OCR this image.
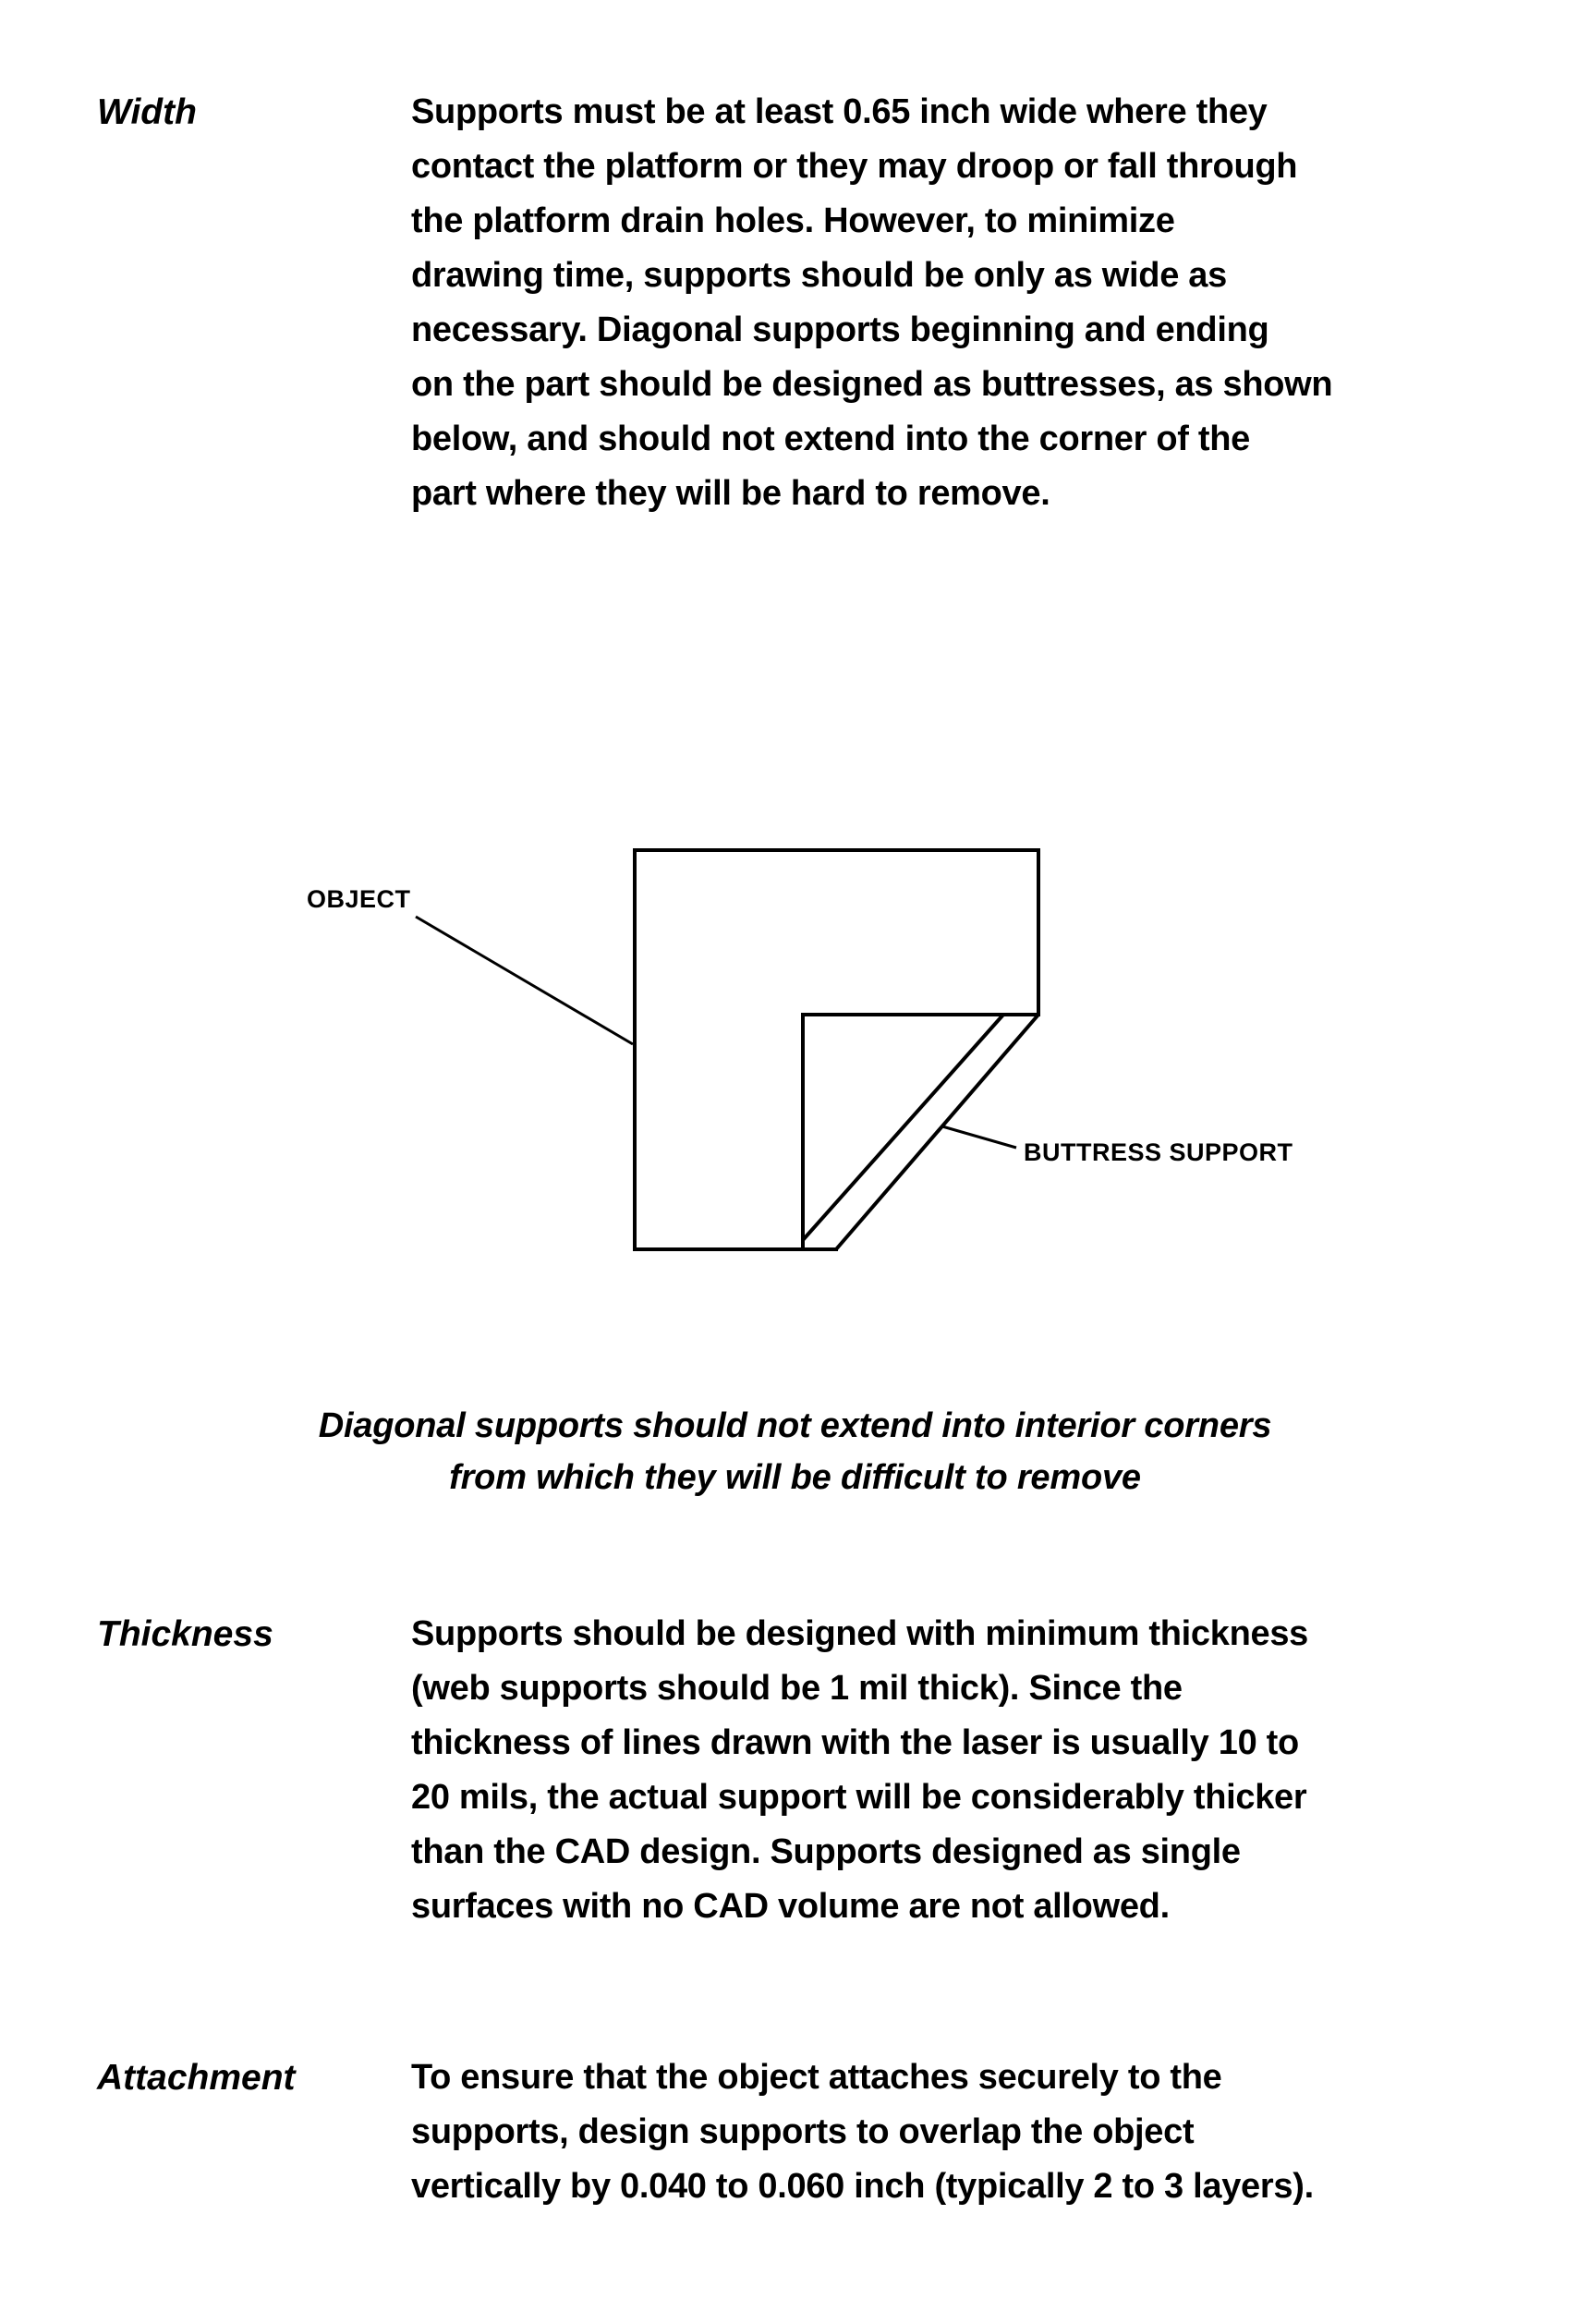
Width	Supports must be at least 0.65 inch wide where they
contact the platform or they may droop or fall through
the platform drain holes. However, to minimize
drawing time, supports should be only as wide as
necessary. Diagonal supports beginning and ending
on the part should be designed as buttresses, as shown
below, and should not extend into the corner of the
part where they will be hard to remove.
OBJECT
BUTTRESS SUPPORT
Diagonal supports should not extend into interior corners
from which they will be difficult to remove
Thickness	Supports should be designed with minimum thickness
(web supports should be 1 mil thick). Since the
thickness of lines drawn with the laser is usually 10 to
20 mils, the actual support will be considerably thicker
than the CAD design. Supports designed as single
surfaces with no CAD volume are not allowed.
Attachment	To ensure that the object attaches securely to the
supports, design supports to overlap the object
vertically by 0.040 to 0.060 inch (typically 2 to 3 layers).
